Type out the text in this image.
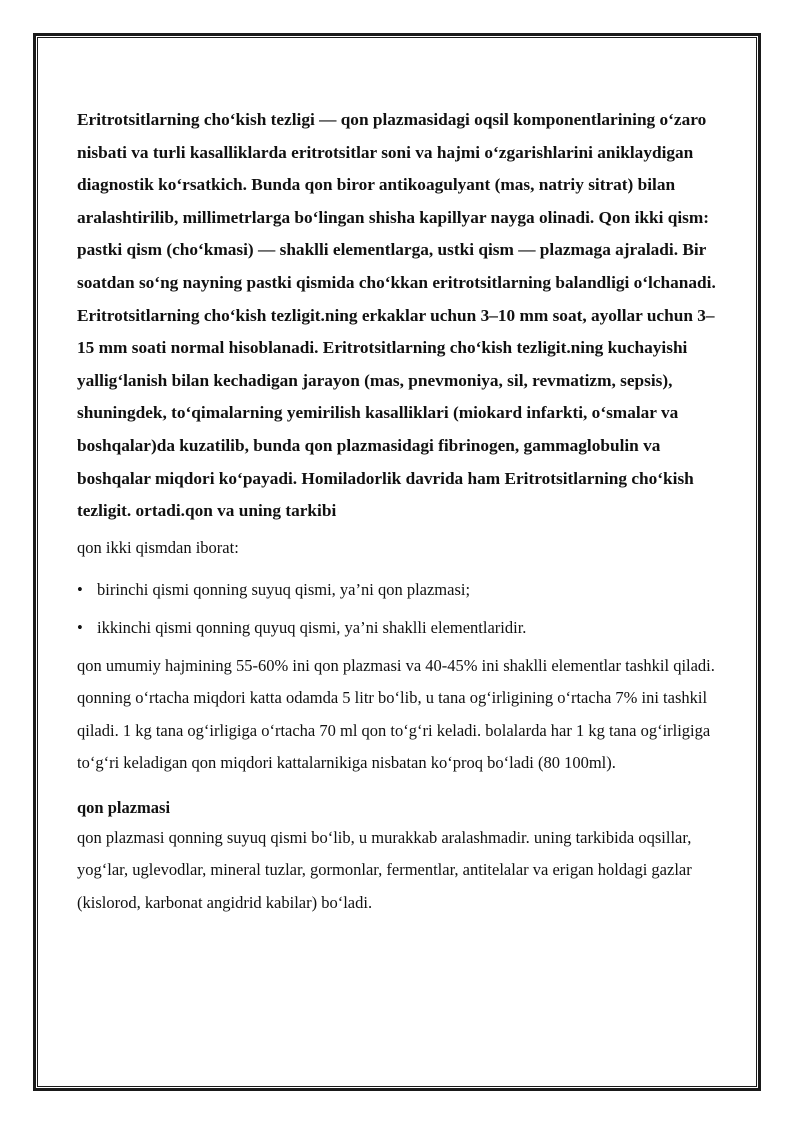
Eritrotsitlarning cho‘kish tezligi — qon plazmasidagi oqsil komponentlarining o‘zaro nisbati va turli kasalliklarda eritrotsitlar soni va hajmi o‘zgarishlarini aniklaydigan diagnostik ko‘rsatkich. Bunda qon biror antikoagulyant (mas, natriy sitrat) bilan aralashtirilib, millimetrlarga bo‘lingan shisha kapillyar nayga olinadi. Qon ikki qism: pastki qism (cho‘kmasi) — shaklli elementlarga, ustki qism — plazmaga ajraladi. Bir soatdan so‘ng nayning pastki qismida cho‘kkan eritrotsitlarning balandligi o‘lchanadi. Eritrotsitlarning cho‘kish tezligit.ning erkaklar uchun 3–10 mm soat, ayollar uchun 3–15 mm soati normal hisoblanadi. Eritrotsitlarning cho‘kish tezligit.ning kuchayishi yallig‘lanish bilan kechadigan jarayon (mas, pnevmoniya, sil, revmatizm, sepsis), shuningdek, to‘qimalarning yemirilish kasalliklari (miokard infarkti, o‘smalar va boshqalar)da kuzatilib, bunda qon plazmasidagi fibrinogen, gammaglobulin va boshqalar miqdori ko‘payadi. Homiladorlik davrida ham Eritrotsitlarning cho‘kish tezligit. ortadi.qon va uning tarkibi

qon ikki qismdan iborat:

• birinchi qismi qonning suyuq qismi, ya’ni qon plazmasi;
• ikkinchi qismi qonning quyuq qismi, ya’ni shaklli elementlaridir.

qon umumiy hajmining 55-60% ini qon plazmasi va 40-45% ini shaklli elementlar tashkil qiladi. qonning o‘rtacha miqdori katta odamda 5 litr bo‘lib, u tana og‘irligining o‘rtacha 7% ini tashkil qiladi. 1 kg tana og‘irligiga o‘rtacha 70 ml qon to‘g‘ri keladi. bolalarda har 1 kg tana og‘irligiga to‘g‘ri keladigan qon miqdori kattalarnikiga nisbatan ko‘proq bo‘ladi (80 100ml).

qon plazmasi

qon plazmasi qonning suyuq qismi bo‘lib, u murakkab aralashmadir. uning tarkibida oqsillar, yog‘lar, uglevodlar, mineral tuzlar, gormonlar, fermentlar, antitelalar va erigan holdagi gazlar (kislorod, karbonat angidrid kabilar) bo‘ladi.
